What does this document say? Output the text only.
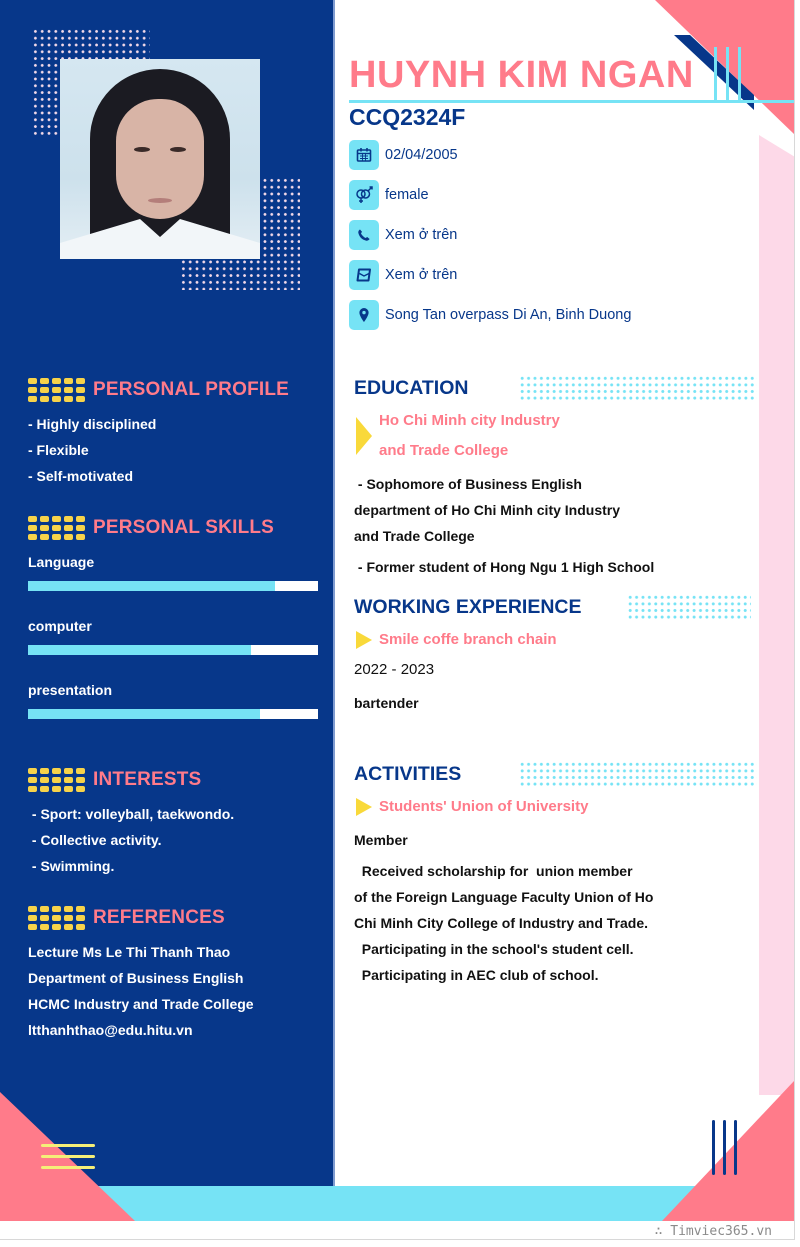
PERSONAL PROFILE
- Highly disciplined
- Flexible
- Self-motivated
PERSONAL SKILLS
Language
computer
presentation
INTERESTS
- Sport: volleyball, taekwondo.
- Collective activity.
- Swimming.
REFERENCES
Lecture Ms Le Thi Thanh Thao
Department of Business English
HCMC Industry and Trade College
ltthanhthao@edu.hitu.vn
HUYNH KIM NGAN
CCQ2324F
02/04/2005
female
Xem ở trên
Xem ở trên
Song Tan overpass Di An, Binh Duong
EDUCATION
Ho Chi Minh city Industry
and Trade College
- Sophomore of Business English
department of Ho Chi Minh city Industry
and Trade College
- Former student of Hong Ngu 1 High School
WORKING EXPERIENCE
Smile coffe branch chain
2022 - 2023
bartender
ACTIVITIES
Students' Union of University
Member
Received scholarship for  union member
of the Foreign Language Faculty Union of Ho
Chi Minh City College of Industry and Trade.
Participating in the school's student cell.
Participating in AEC club of school.
∴ Timviec365.vn
